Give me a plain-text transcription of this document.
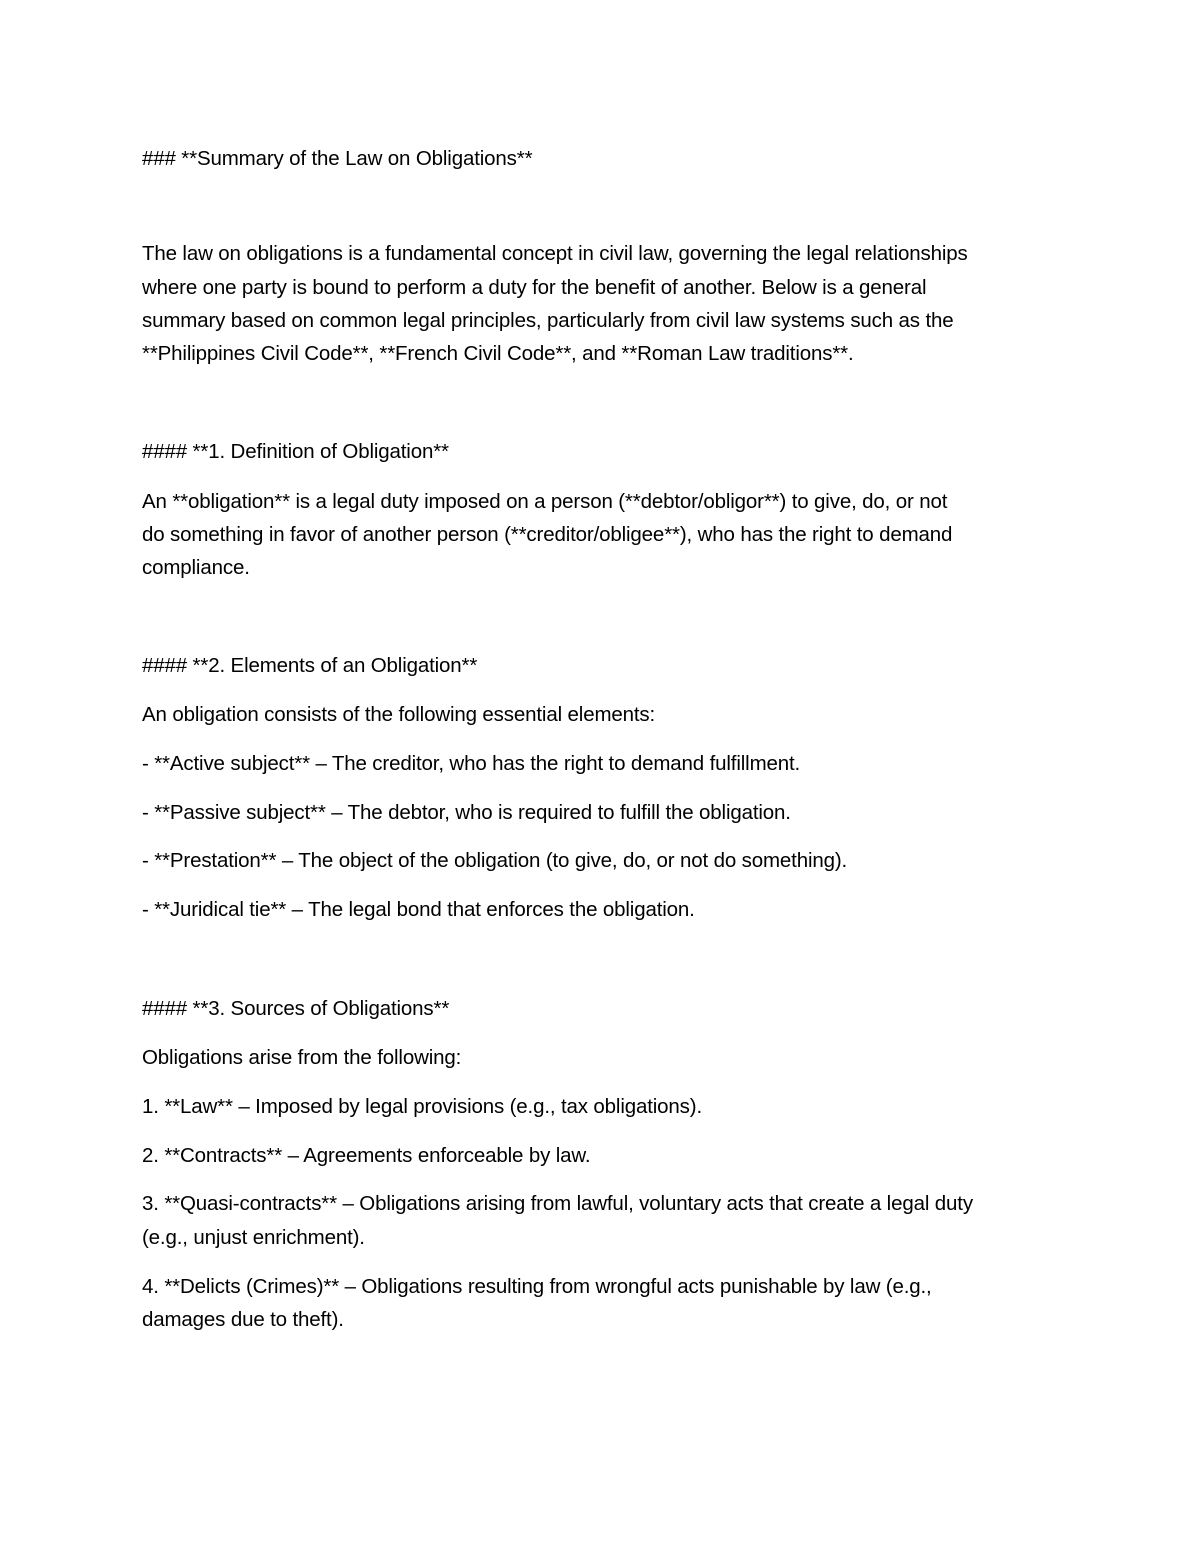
### **Summary of the Law on Obligations**
The law on obligations is a fundamental concept in civil law, governing the legal relationships
where one party is bound to perform a duty for the benefit of another. Below is a general
summary based on common legal principles, particularly from civil law systems such as the
**Philippines Civil Code**, **French Civil Code**, and **Roman Law traditions**.
#### **1. Definition of Obligation**
An **obligation** is a legal duty imposed on a person (**debtor/obligor**) to give, do, or not
do something in favor of another person (**creditor/obligee**), who has the right to demand
compliance.
#### **2. Elements of an Obligation**
An obligation consists of the following essential elements:
- **Active subject** – The creditor, who has the right to demand fulfillment.
- **Passive subject** – The debtor, who is required to fulfill the obligation.
- **Prestation** – The object of the obligation (to give, do, or not do something).
- **Juridical tie** – The legal bond that enforces the obligation.
#### **3. Sources of Obligations**
Obligations arise from the following:
1. **Law** – Imposed by legal provisions (e.g., tax obligations).
2. **Contracts** – Agreements enforceable by law.
3. **Quasi-contracts** – Obligations arising from lawful, voluntary acts that create a legal duty
(e.g., unjust enrichment).
4. **Delicts (Crimes)** – Obligations resulting from wrongful acts punishable by law (e.g.,
damages due to theft).
